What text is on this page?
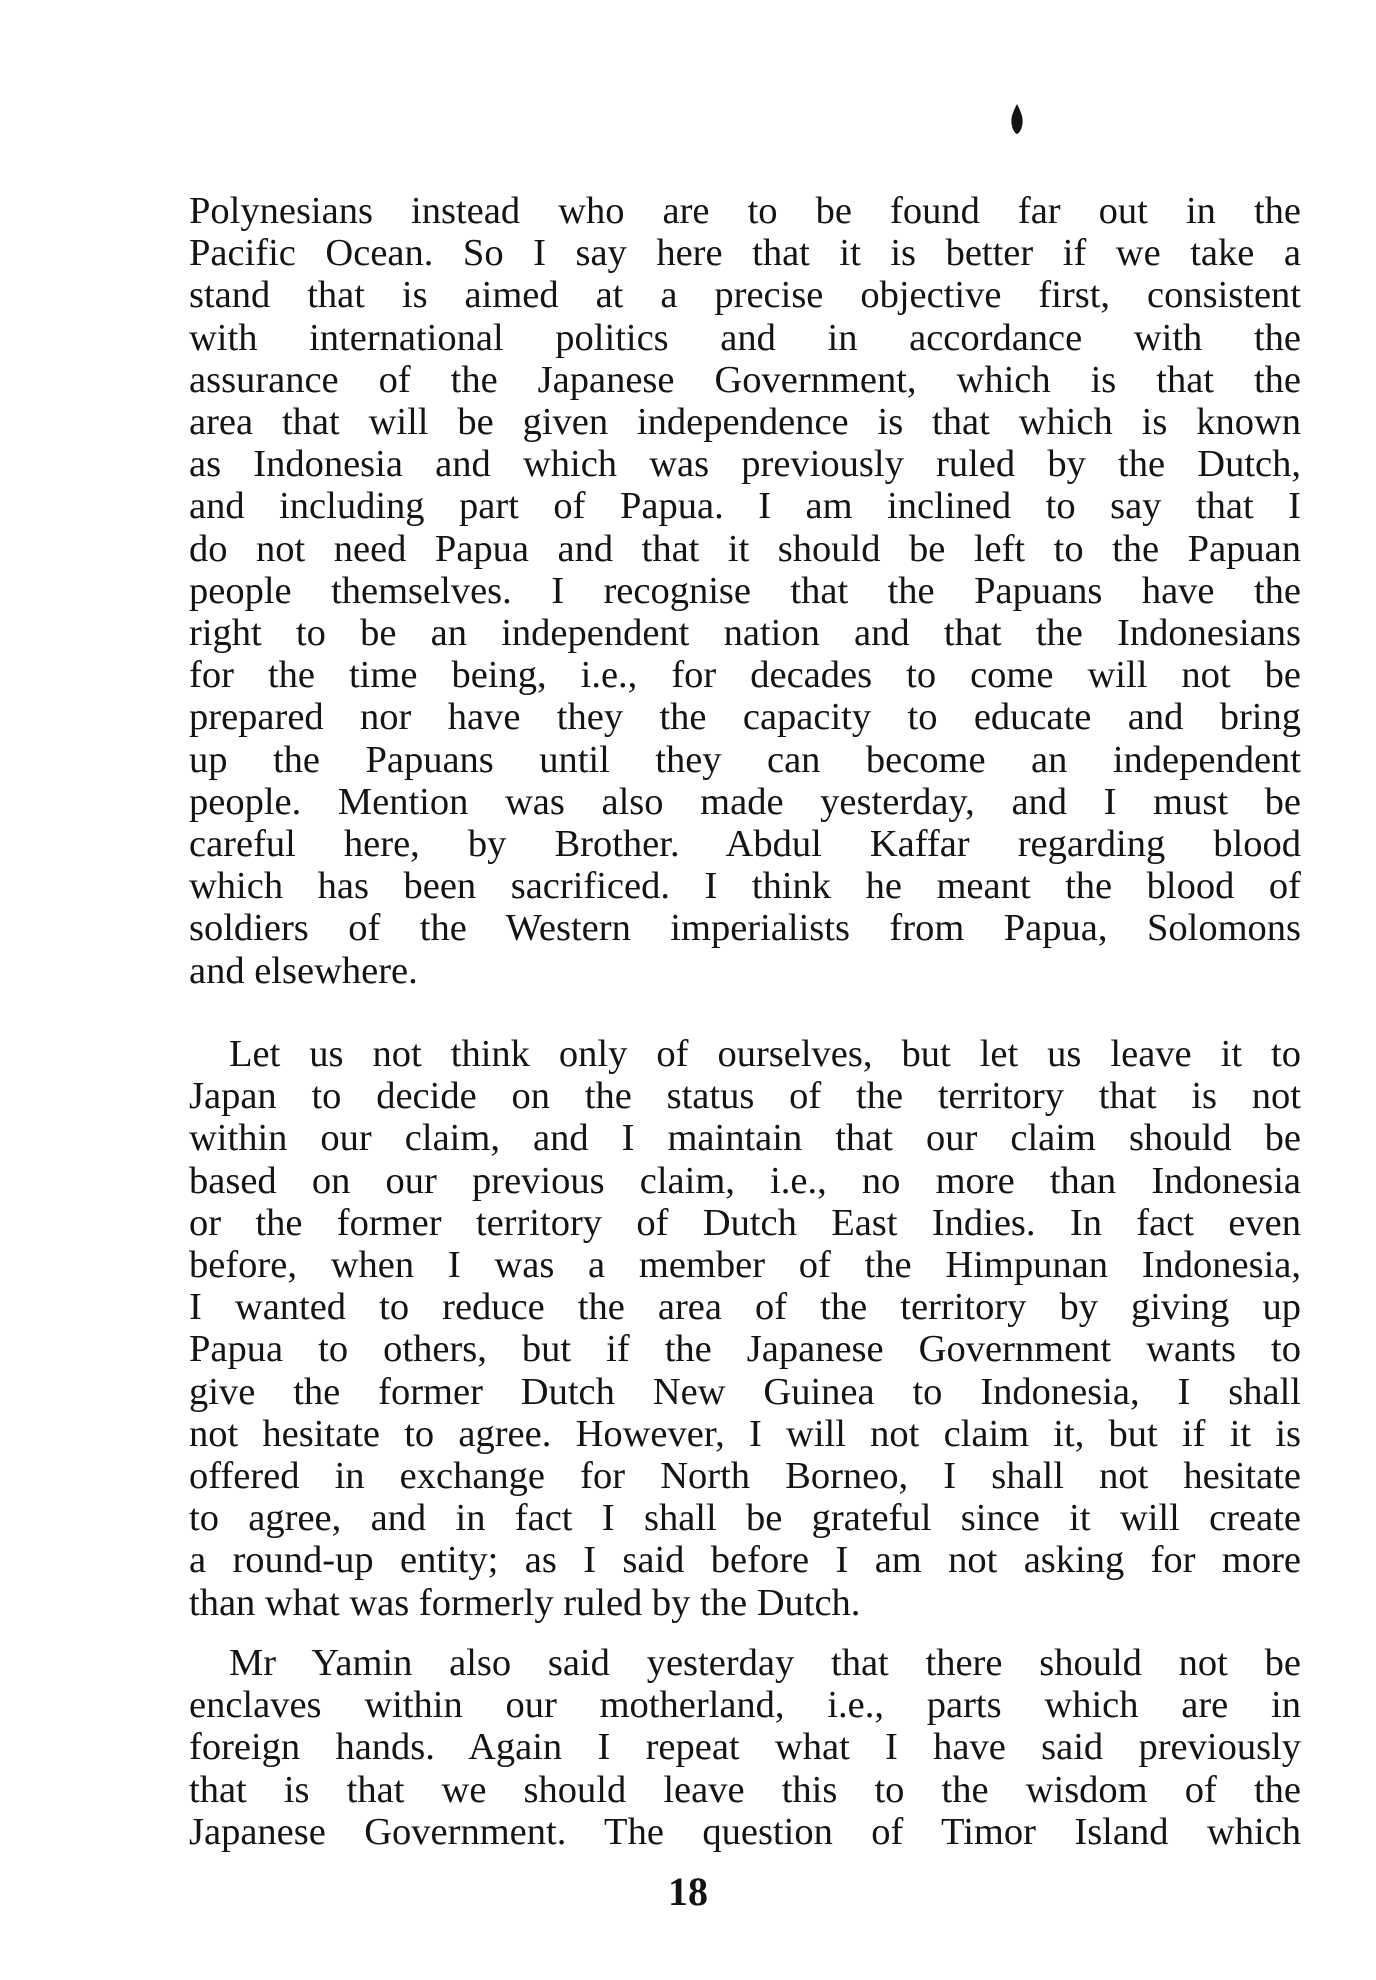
Polynesians instead who are to be found far out in the
Pacific Ocean. So I say here that it is better if we take a
stand that is aimed at a precise objective first, consistent
with international politics and in accordance with the
assurance of the Japanese Government, which is that the
area that will be given independence is that which is known
as Indonesia and which was previously ruled by the Dutch,
and including part of Papua. I am inclined to say that I
do not need Papua and that it should be left to the Papuan
people themselves. I recognise that the Papuans have the
right to be an independent nation and that the Indonesians
for the time being, i.e., for decades to come will not be
prepared nor have they the capacity to educate and bring
up the Papuans until they can become an independent
people. Mention was also made yesterday, and I must be
careful here, by Brother. Abdul Kaffar regarding blood
which has been sacrificed. I think he meant the blood of
soldiers of the Western imperialists from Papua, Solomons
and elsewhere.
Let us not think only of ourselves, but let us leave it to
Japan to decide on the status of the territory that is not
within our claim, and I maintain that our claim should be
based on our previous claim, i.e., no more than Indonesia
or the former territory of Dutch East Indies. In fact even
before, when I was a member of the Himpunan Indonesia,
I wanted to reduce the area of the territory by giving up
Papua to others, but if the Japanese Government wants to
give the former Dutch New Guinea to Indonesia, I shall
not hesitate to agree. However, I will not claim it, but if it is
offered in exchange for North Borneo, I shall not hesitate
to agree, and in fact I shall be grateful since it will create
a round-up entity; as I said before I am not asking for more
than what was formerly ruled by the Dutch.
Mr Yamin also said yesterday that there should not be
enclaves within our motherland, i.e., parts which are in
foreign hands. Again I repeat what I have said previously
that is that we should leave this to the wisdom of the
Japanese Government. The question of Timor Island which
18
